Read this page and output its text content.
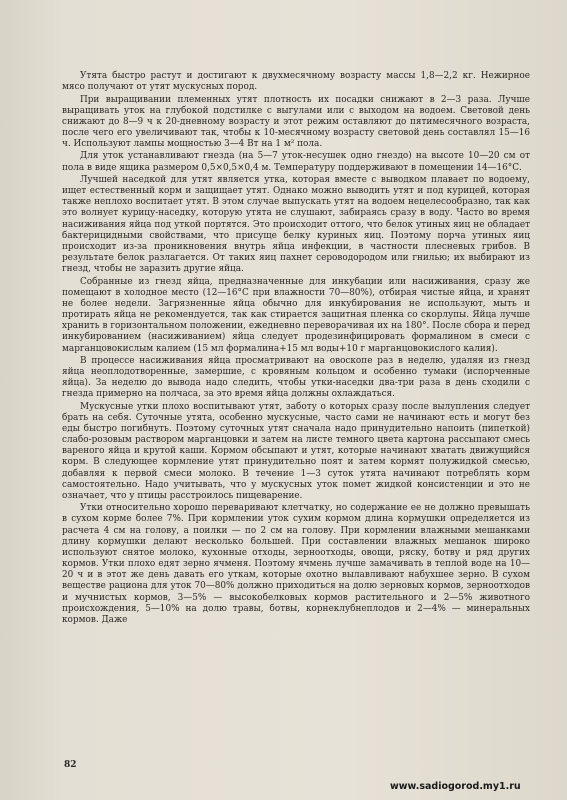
Утята быстро растут и достигают к двухмесячному возрасту массы 1,8—2,2 кг. Нежирное мясо получают от утят мускусных пород.

При выращивании племенных утят плотность их посадки снижают в 2—3 раза. Лучше выращивать уток на глубокой подстилке с выгулами или с выходом на водоем. Световой день снижают до 8—9 ч к 20-дневному возрасту и этот режим оставляют до пятимесячного возраста, после чего его увеличивают так, чтобы к 10-месячному возрасту световой день составлял 15—16 ч. Используют лампы мощностью 3—4 Вт на 1 м² пола.

Для уток устанавливают гнезда (на 5—7 уток-несушек одно гнездо) на высоте 10—20 см от пола в виде ящика размером 0,5×0,5×0,4 м. Температуру поддерживают в помещении 14—16°С.

Лучшей наседкой для утят является утка, которая вместе с выводком плавает по водоему, ищет естественный корм и защищает утят. Однако можно выводить утят и под курицей, которая также неплохо воспитает утят. В этом случае выпускать утят на водоем нецелесообразно, так как это волнует курицу-наседку, которую утята не слушают, забираясь сразу в воду. Часто во время насиживания яйца под уткой портятся. Это происходит оттого, что белок утиных яиц не обладает бактерицидными свойствами, что присуще белку куриных яиц. Поэтому порча утиных яиц происходит из-за проникновения внутрь яйца инфекции, в частности плесневых грибов. В результате белок разлагается. От таких яиц пахнет сероводородом или гнилью; их выбирают из гнезд, чтобы не заразить другие яйца.

Собранные из гнезд яйца, предназначенные для инкубации или насиживания, сразу же помещают в холодное место (12—16°С при влажности 70—80%), отбирая чистые яйца, и хранят не более недели. Загрязненные яйца обычно для инкубирования не используют, мыть и протирать яйца не рекомендуется, так как стирается защитная пленка со скорлупы. Яйца лучше хранить в горизонтальном положении, ежедневно переворачивая их на 180°. После сбора и перед инкубированием (насиживанием) яйца следует продезинфицировать формалином в смеси с марганцовокислым калием (15 мл формалина+15 мл воды+10 г марганцовокислого калия).

В процессе насиживания яйца просматривают на овоскопе раз в неделю, удаляя из гнезд яйца неоплодотворенные, замершие, с кровяным кольцом и особенно тумаки (испорченные яйца). За неделю до вывода надо следить, чтобы утки-наседки два-три раза в день сходили с гнезда примерно на полчаса, за это время яйца должны охлаждаться.

Мускусные утки плохо воспитывают утят, заботу о которых сразу после вылупления следует брать на себя. Суточные утята, особенно мускусные, часто сами не начинают есть и могут без еды быстро погибнуть. Поэтому суточных утят сначала надо принудительно напоить (пипеткой) слабо-розовым раствором марганцовки и затем на листе темного цвета картона рассыпают смесь вареного яйца и крутой каши. Кормом обсыпают и утят, которые начинают хватать движущийся корм. В следующее кормление утят принудительно поят и затем кормят полужидкой смесью, добавляя к первой смеси молоко. В течение 1—3 суток утята начинают потреблять корм самостоятельно. Надо учитывать, что у мускусных уток помет жидкой консистенции и это не означает, что у птицы расстроилось пищеварение.

Утки относительно хорошо переваривают клетчатку, но содержание ее не должно превышать в сухом корме более 7%. При кормлении уток сухим кормом длина кормушки определяется из расчета 4 см на голову, а поилки — по 2 см на голову. При кормлении влажными мешанками длину кормушки делают несколько большей. При составлении влажных мешанок широко используют снятое молоко, кухонные отходы, зерноотходы, овощи, ряску, ботву и ряд других кормов. Утки плохо едят зерно ячменя. Поэтому ячмень лучше замачивать в теплой воде на 10—20 ч и в этот же день давать его уткам, которые охотно вылавливают набухшее зерно. В сухом веществе рациона для уток 70—80% должно приходиться на долю зерновых кормов, зерноотходов и мучнистых кормов, 3—5% — высокобелковых кормов растительного и 2—5% животного происхождения, 5—10% на долю травы, ботвы, корнеклубнеплодов и 2—4% — минеральных кормов. Даже

82
www.sadiogorod.my1.ru
